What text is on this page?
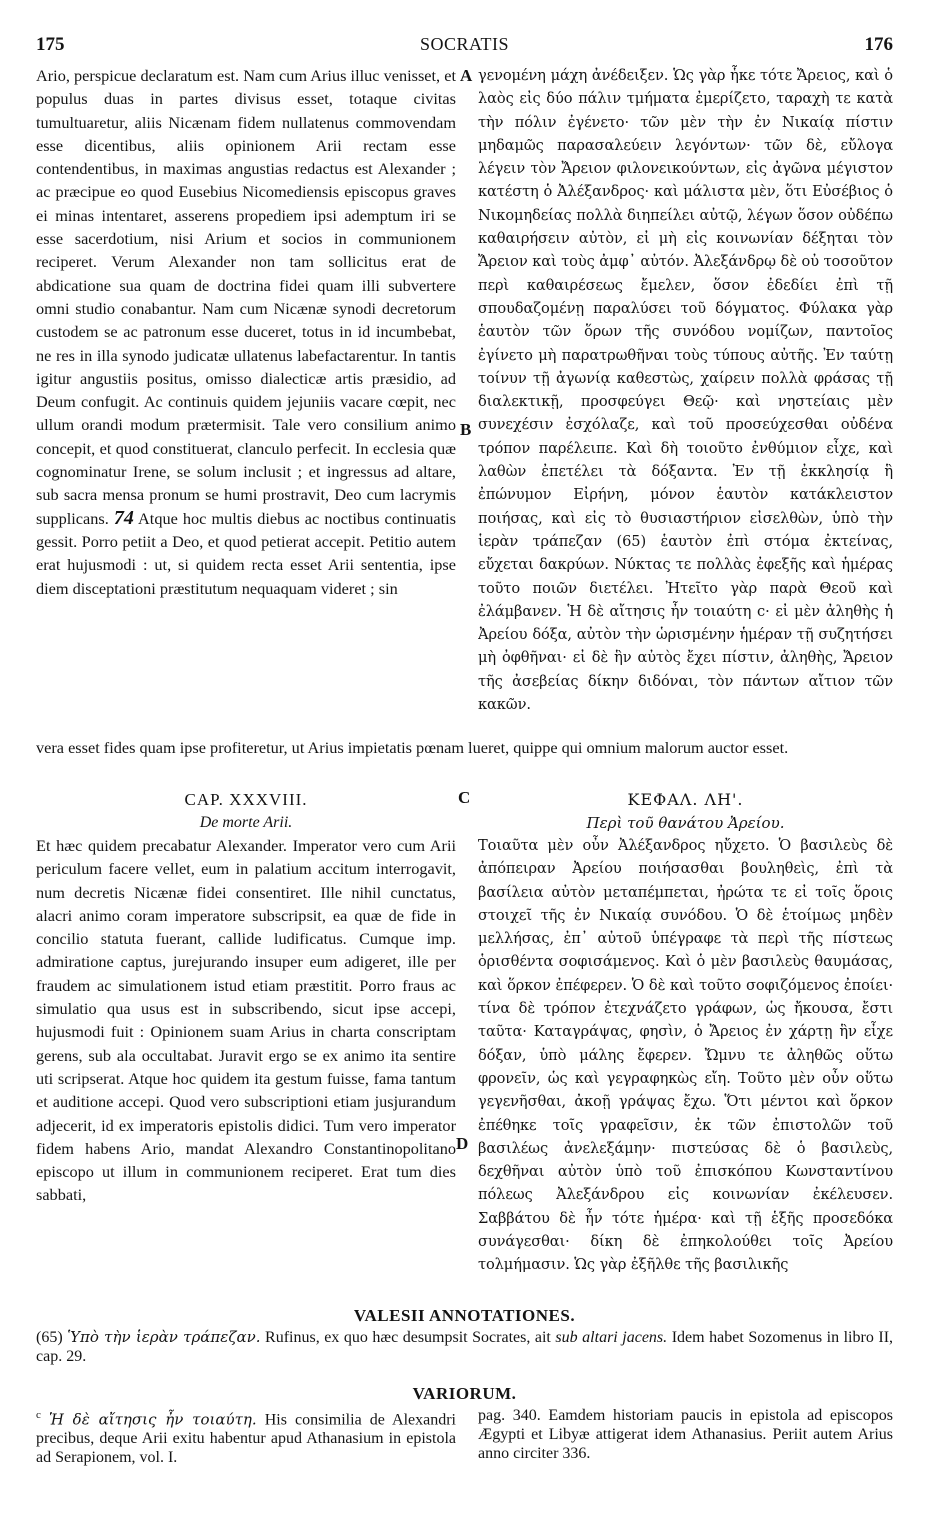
175	SOCRATIS	176

Ario, perspicue declaratum est. Nam cum Arius illuc venisset, et populus duas in partes divisus esset, totaque civitas tumultuaretur, aliis Nicænam fidem nullatenus commovendam esse dicentibus, aliis opinionem Arii rectam esse contendentibus, in maximas angustias redactus est Alexander ; ac præcipue eo quod Eusebius Nicomediensis episcopus graves ei minas intentaret, asserens propediem ipsi ademptum iri se esse sacerdotium, nisi Arium et socios in communionem reciperet. Verum Alexander non tam sollicitus erat de abdicatione sua quam de doctrina fidei quam illi subvertere omni studio conabantur. Nam cum Nicænæ synodi decretorum custodem se ac patronum esse duceret, totus in id incumbebat, ne res in illa synodo judicatæ ullatenus labefactarentur. In tantis igitur angustiis positus, omisso dialecticæ artis præsidio, ad Deum confugit. Ac continuis quidem jejuniis vacare cœpit, nec ullum orandi modum prætermisit. Tale vero consilium animo concepit, et quod constituerat, clanculo perfecit. In ecclesia quæ cognominatur Irene, se solum inclusit ; et ingressus ad altare, sub sacra mensa pronum se humi prostravit, Deo cum lacrymis supplicans. 74 Atque hoc multis diebus ac noctibus continuatis gessit. Porro petiit a Deo, et quod petierat accepit. Petitio autem erat hujusmodi : ut, si quidem recta esset Arii sententia, ipse diem disceptationi præstitutum nequaquam videret ; sin

A
B

γενομένη μάχη ἀνέδειξεν. Ὡς γὰρ ἧκε τότε Ἄρειος, καὶ ὁ λαὸς εἰς δύο πάλιν τμήματα ἐμερίζετο, ταραχὴ τε κατὰ τὴν πόλιν ἐγένετο· τῶν μὲν τὴν ἐν Νικαίᾳ πίστιν μηδαμῶς παρασαλεύειν λεγόντων· τῶν δὲ, εὔλογα λέγειν τὸν Ἄρειον φιλονεικούντων, εἰς ἀγῶνα μέγιστον κατέστη ὁ Ἀλέξανδρος· καὶ μάλιστα μὲν, ὅτι Εὐσέβιος ὁ Νικομηδείας πολλὰ διηπείλει αὐτῷ, λέγων ὅσον οὐδέπω καθαιρήσειν αὐτὸν, εἰ μὴ εἰς κοινωνίαν δέξηται τὸν Ἄρειον καὶ τοὺς ἀμφ᾽ αὐτόν. Ἀλεξάνδρῳ δὲ οὐ τοσοῦτον περὶ καθαιρέσεως ἔμελεν, ὅσον ἐδεδίει ἐπὶ τῇ σπουδαζομένῃ παραλύσει τοῦ δόγματος. Φύλακα γὰρ ἑαυτὸν τῶν ὅρων τῆς συνόδου νομίζων, παντοῖος ἐγίνετο μὴ παρατρωθῆναι τοὺς τύπους αὐτῆς. Ἐν ταύτῃ τοίνυν τῇ ἀγωνίᾳ καθεστὼς, χαίρειν πολλὰ φράσας τῇ διαλεκτικῇ, προσφεύγει Θεῷ· καὶ νηστείαις μὲν συνεχέσιν ἐσχόλαζε, καὶ τοῦ προσεύχεσθαι οὐδένα τρόπον παρέλειπε. Καὶ δὴ τοιοῦτο ἐνθύμιον εἶχε, καὶ λαθὼν ἐπετέλει τὰ δόξαντα. Ἐν τῇ ἐκκλησίᾳ ἣ ἐπώνυμον Εἰρήνη, μόνον ἑαυτὸν κατάκλειστον ποιήσας, καὶ εἰς τὸ θυσιαστήριον εἰσελθὼν, ὑπὸ τὴν ἱερὰν τράπεζαν (65) ἑαυτὸν ἐπὶ στόμα ἐκτείνας, εὔχεται δακρύων. Νύκτας τε πολλὰς ἐφεξῆς καὶ ἡμέρας τοῦτο ποιῶν διετέλει. Ἠτεῖτο γὰρ παρὰ Θεοῦ καὶ ἐλάμβανεν. Ἡ δὲ αἴτησις ἦν τοιαύτη c· εἰ μὲν ἀληθὴς ἡ Ἀρείου δόξα, αὐτὸν τὴν ὡρισμένην ἡμέραν τῇ συζητήσει μὴ ὀφθῆναι· εἰ δὲ ἣν αὐτὸς ἔχει πίστιν, ἀληθὴς, Ἄρειον τῆς ἀσεβείας δίκην διδόναι, τὸν πάντων αἴτιον τῶν κακῶν.

vera esset fides quam ipse profiteretur, ut Arius impietatis pœnam lueret, quippe qui omnium malorum auctor esset.

CAP. XXXVIII.
De morte Arii.
C	ΚΕΦΑΛ. ΛΗ'.
Περὶ τοῦ θανάτου Ἀρείου.

Et hæc quidem precabatur Alexander. Imperator vero cum Arii periculum facere vellet, eum in palatium accitum interrogavit, num decretis Nicænæ fidei consentiret. Ille nihil cunctatus, alacri animo coram imperatore subscripsit, ea quæ de fide in concilio statuta fuerant, callide ludificatus. Cumque imp. admiratione captus, jurejurando insuper eum adigeret, ille per fraudem ac simulationem istud etiam præstitit. Porro fraus ac simulatio qua usus est in subscribendo, sicut ipse accepi, hujusmodi fuit : Opinionem suam Arius in charta conscriptam gerens, sub ala occultabat. Juravit ergo se ex animo ita sentire uti scripserat. Atque hoc quidem ita gestum fuisse, fama tantum et auditione accepi. Quod vero subscriptioni etiam jusjurandum adjecerit, id ex imperatoris epistolis didici. Tum vero imperator fidem habens Ario, mandat Alexandro Constantinopolitano episcopo ut illum in communionem reciperet. Erat tum dies sabbati,

D

Τοιαῦτα μὲν οὖν Ἀλέξανδρος ηὔχετο. Ὁ βασιλεὺς δὲ ἀπόπειραν Ἀρείου ποιήσασθαι βουληθεὶς, ἐπὶ τὰ βασίλεια αὐτὸν μεταπέμπεται, ἠρώτα τε εἰ τοῖς ὅροις στοιχεῖ τῆς ἐν Νικαίᾳ συνόδου. Ὁ δὲ ἑτοίμως μηδὲν μελλήσας, ἐπ᾽ αὐτοῦ ὑπέγραφε τὰ περὶ τῆς πίστεως ὁρισθέντα σοφισάμενος. Καὶ ὁ μὲν βασιλεὺς θαυμάσας, καὶ ὅρκον ἐπέφερεν. Ὁ δὲ καὶ τοῦτο σοφιζόμενος ἐποίει· τίνα δὲ τρόπον ἐτεχνάζετο γράφων, ὡς ἤκουσα, ἔστι ταῦτα· Καταγράψας, φησὶν, ὁ Ἄρειος ἐν χάρτῃ ἣν εἶχε δόξαν, ὑπὸ μάλης ἔφερεν. Ὤμνυ τε ἀληθῶς οὕτω φρονεῖν, ὡς καὶ γεγραφηκὼς εἴη. Τοῦτο μὲν οὖν οὕτω γεγενῆσθαι, ἀκοῇ γράψας ἔχω. Ὅτι μέντοι καὶ ὅρκον ἐπέθηκε τοῖς γραφεῖσιν, ἐκ τῶν ἐπιστολῶν τοῦ βασιλέως ἀνελεξάμην· πιστεύσας δὲ ὁ βασιλεὺς, δεχθῆναι αὐτὸν ὑπὸ τοῦ ἐπισκόπου Κωνσταντίνου πόλεως Ἀλεξάνδρου εἰς κοινωνίαν ἐκέλευσεν. Σαββάτου δὲ ἦν τότε ἡμέρα· καὶ τῇ ἑξῆς προσεδόκα συνάγεσθαι· δίκη δὲ ἐπηκολούθει τοῖς Ἀρείου τολμήμασιν. Ὡς γὰρ ἐξῆλθε τῆς βασιλικῆς

VALESII ANNOTATIONES.
(65) Ὑπὸ τὴν ἱερὰν τράπεζαν. Rufinus, ex quo hæc desumpsit Socrates, ait sub altari jacens. Idem habet Sozomenus in libro II, cap. 29.
VARIORUM.
$^c$ Ἡ δὲ αἴτησις ἦν τοιαύτη. His consimilia de Alexandri precibus, deque Arii exitu habentur apud Athanasium in epistola ad Serapionem, vol. I.
pag. 340. Eamdem historiam paucis in epistola ad episcopos Ægypti et Libyæ attigerat idem Athanasius. Periit autem Arius anno circiter 336.
